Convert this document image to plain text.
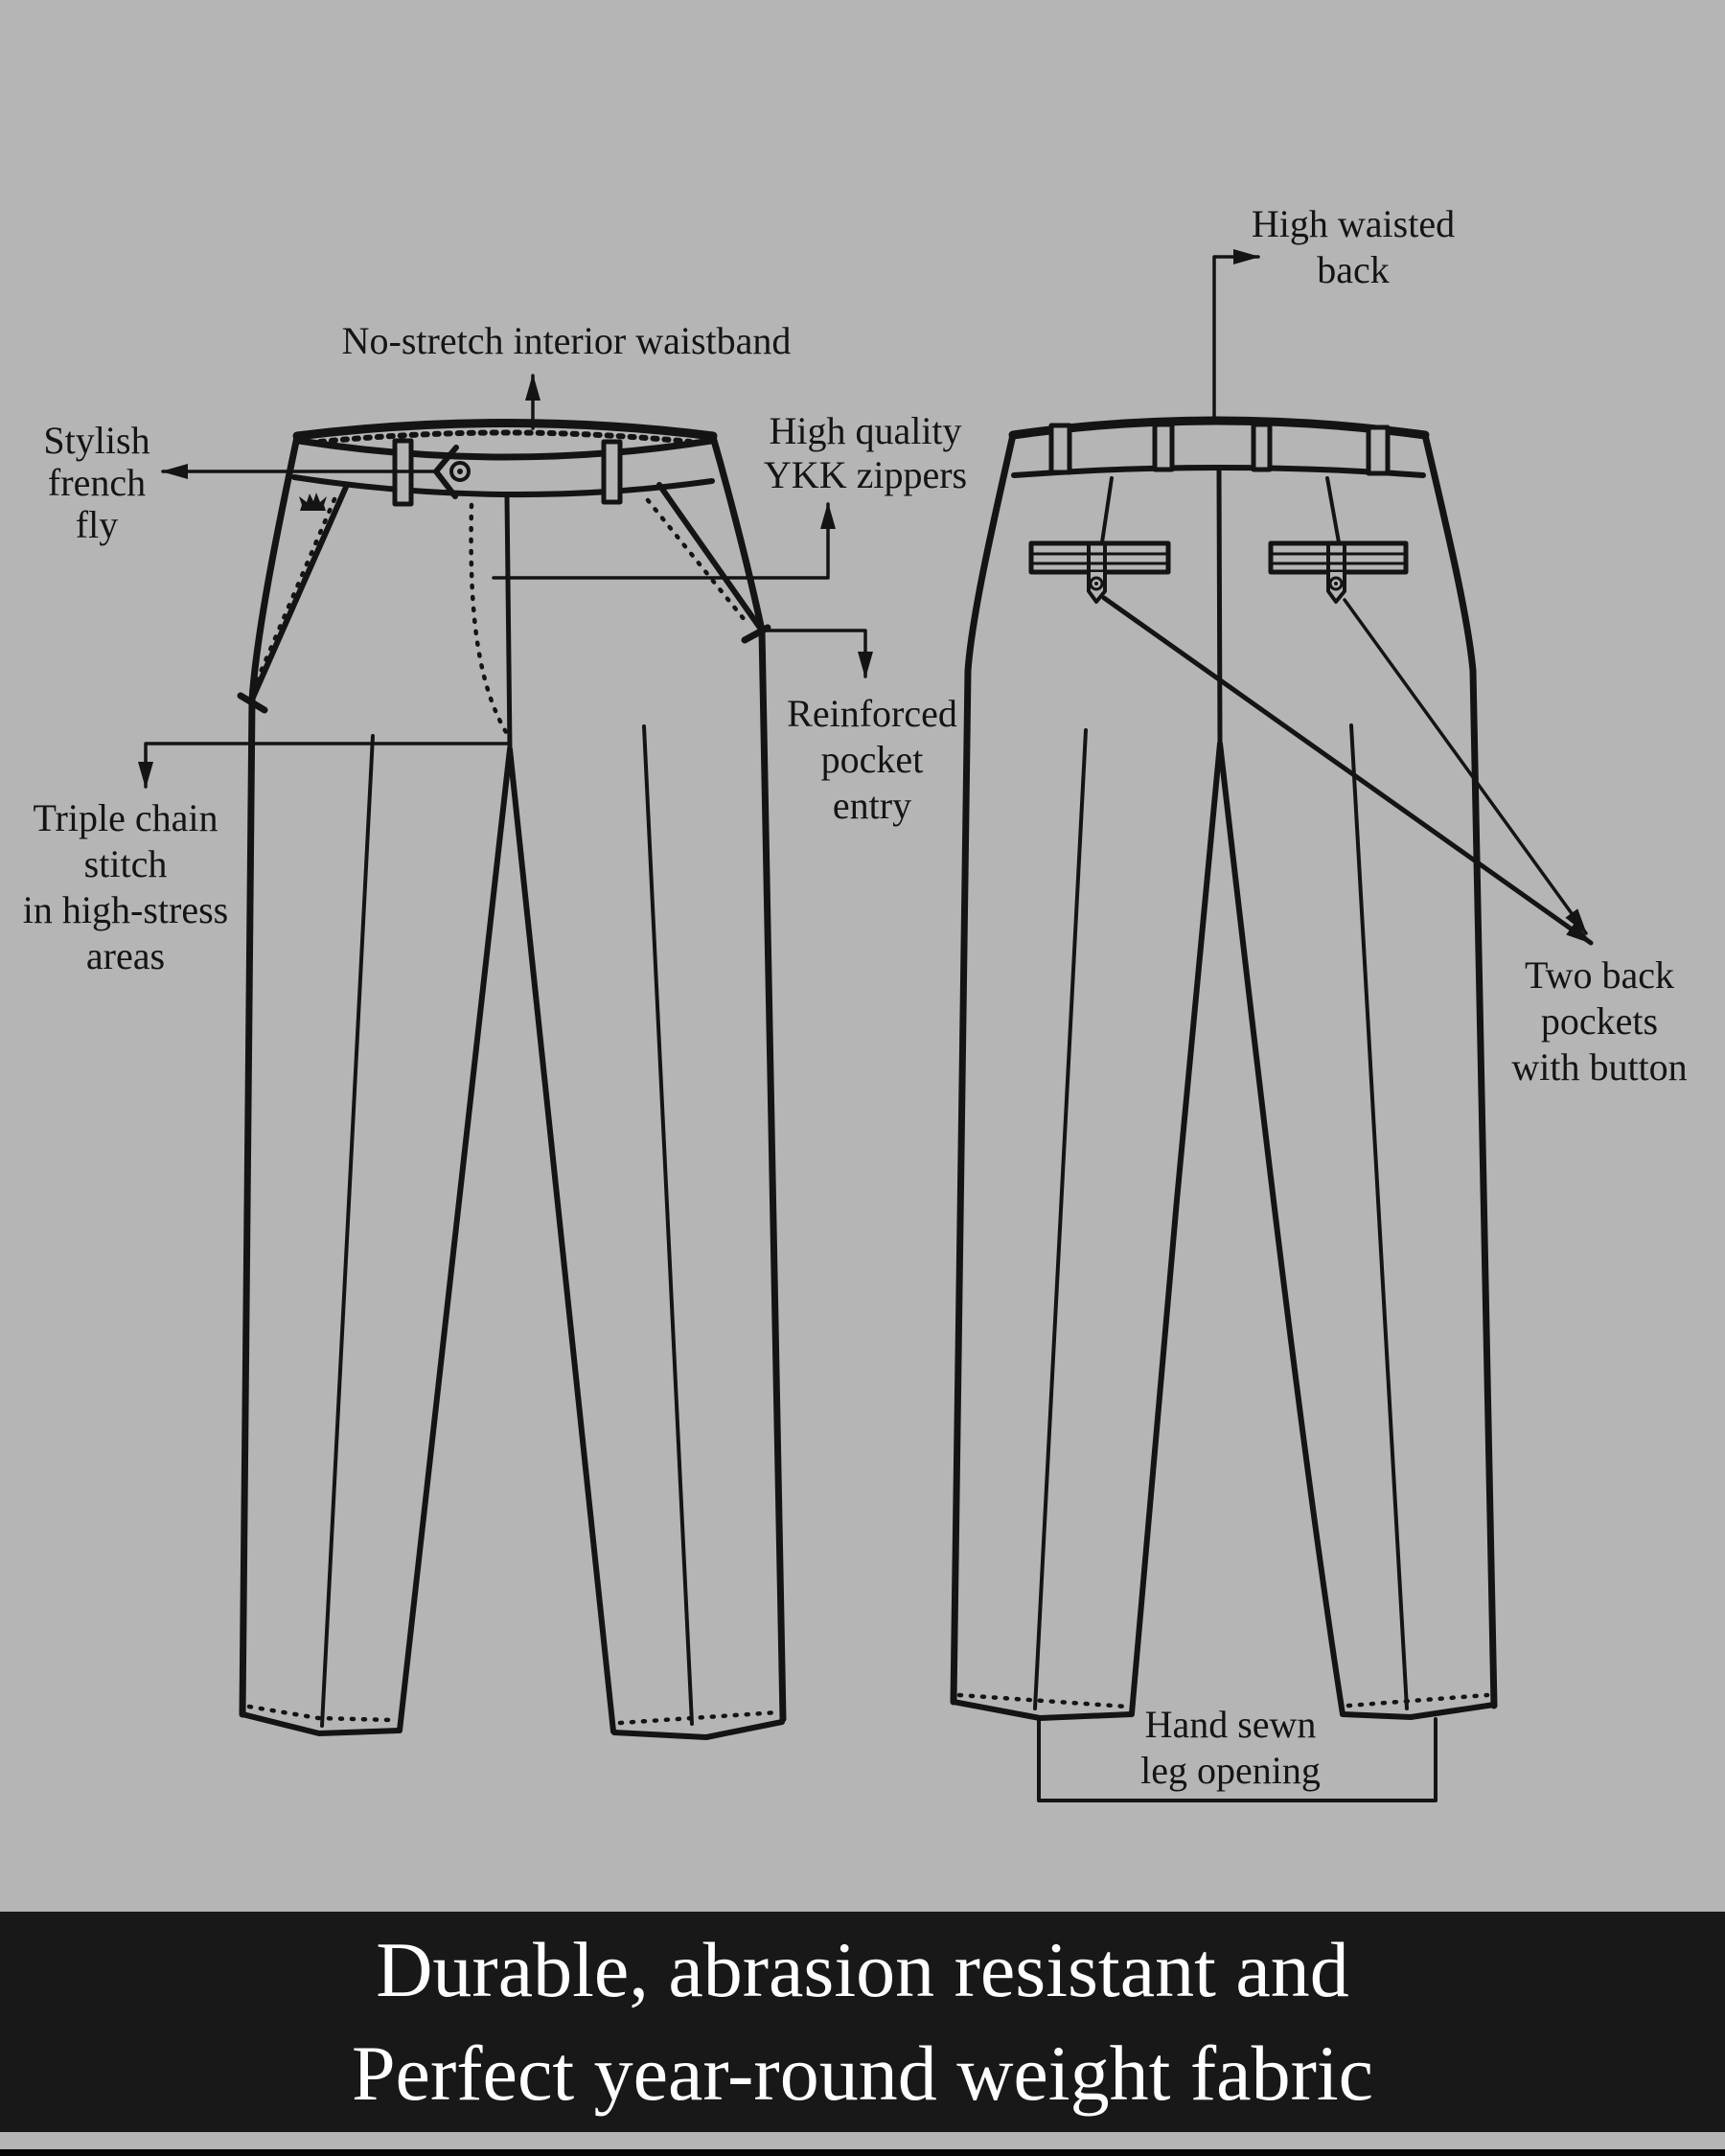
No-stretch interior waistband
Stylish
french
fly
High quality
YKK zippers
Reinforced
pocket
entry
Triple chain
stitch
in high-stress
areas
High waisted
back
Two back
pockets
with button
Hand sewn
leg opening
Durable, abrasion resistant and
Perfect year-round weight fabric
